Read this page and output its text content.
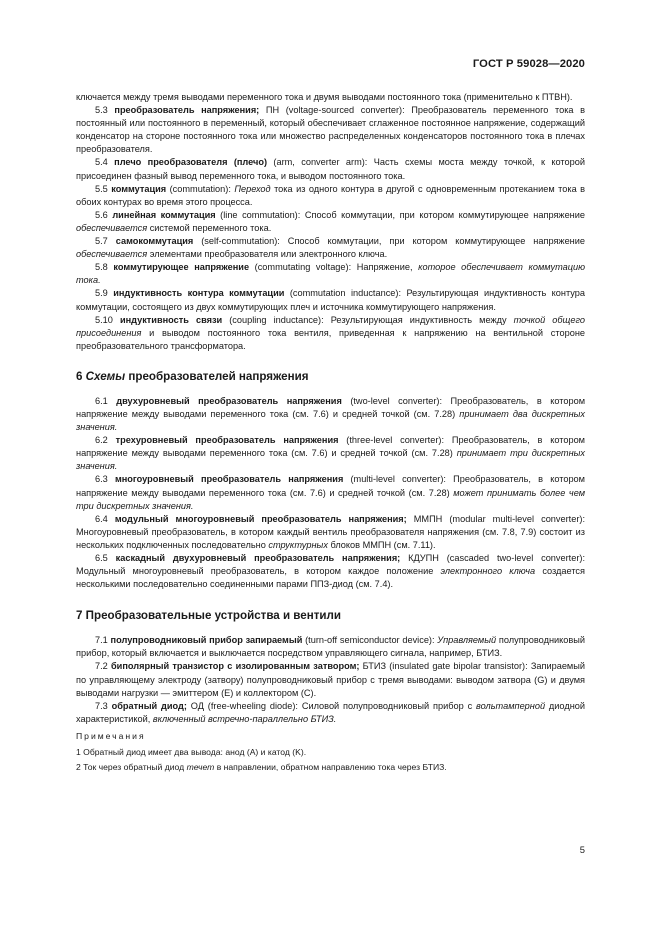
ГОСТ Р 59028—2020

ключается между тремя выводами переменного тока и двумя выводами постоянного тока (применительно к ПТВН).

5.3 преобразователь напряжения; ПН (voltage-sourced converter): Преобразователь переменного тока в постоянный или постоянного в переменный, который обеспечивает сглаженное постоянное напряжение, содержащий конденсатор на стороне постоянного тока или множество распределенных конденсаторов постоянного тока в плечах преобразователя.

5.4 плечо преобразователя (плечо) (arm, converter arm): Часть схемы моста между точкой, к которой присоединен фазный вывод переменного тока, и выводом постоянного тока.

5.5 коммутация (commutation): Переход тока из одного контура в другой с одновременным протеканием тока в обоих контурах во время этого процесса.

5.6 линейная коммутация (line commutation): Способ коммутации, при котором коммутирующее напряжение обеспечивается системой переменного тока.

5.7 самокоммутация (self-commutation): Способ коммутации, при котором коммутирующее напряжение обеспечивается элементами преобразователя или электронного ключа.

5.8 коммутирующее напряжение (commutating voltage): Напряжение, которое обеспечивает коммутацию тока.

5.9 индуктивность контура коммутации (commutation inductance): Результирующая индуктивность контура коммутации, состоящего из двух коммутирующих плеч и источника коммутирующего напряжения.

5.10 индуктивность связи (coupling inductance): Результирующая индуктивность между точкой общего присоединения и выводом постоянного тока вентиля, приведенная к напряжению на вентильной стороне преобразовательного трансформатора.

6 Схемы преобразователей напряжения

6.1 двухуровневый преобразователь напряжения (two-level converter): Преобразователь, в котором напряжение между выводами переменного тока (см. 7.6) и средней точкой (см. 7.28) принимает два дискретных значения.

6.2 трехуровневый преобразователь напряжения (three-level converter): Преобразователь, в котором напряжение между выводами переменного тока (см. 7.6) и средней точкой (см. 7.28) принимает три дискретных значения.

6.3 многоуровневый преобразователь напряжения (multi-level converter): Преобразователь, в котором напряжение между выводами переменного тока (см. 7.6) и средней точкой (см. 7.28) может принимать более чем три дискретных значения.

6.4 модульный многоуровневый преобразователь напряжения; ММПН (modular multi-level converter): Многоуровневый преобразователь, в котором каждый вентиль преобразователя напряжения (см. 7.8, 7.9) состоит из нескольких подключенных последовательно структурных блоков ММПН (см. 7.11).

6.5 каскадный двухуровневый преобразователь напряжения; КДУПН (cascaded two-level converter): Модульный многоуровневый преобразователь, в котором каждое положение электронного ключа создается несколькими последовательно соединенными парами ППЗ-диод (см. 7.4).

7 Преобразовательные устройства и вентили

7.1 полупроводниковый прибор запираемый (turn-off semiconductor device): Управляемый полупроводниковый прибор, который включается и выключается посредством управляющего сигнала, например, БТИЗ.

7.2 биполярный транзистор с изолированным затвором; БТИЗ (insulated gate bipolar transistor): Запираемый по управляющему электроду (затвору) полупроводниковый прибор с тремя выводами: выводом затвора (G) и двумя выводами нагрузки — эмиттером (E) и коллектором (C).

7.3 обратный диод; ОД (free-wheeling diode): Силовой полупроводниковый прибор с вольтамперной диодной характеристикой, включенный встречно-параллельно БТИЗ.

Примечания

1 Обратный диод имеет два вывода: анод (A) и катод (K).

2 Ток через обратный диод течет в направлении, обратном направлению тока через БТИЗ.

5
